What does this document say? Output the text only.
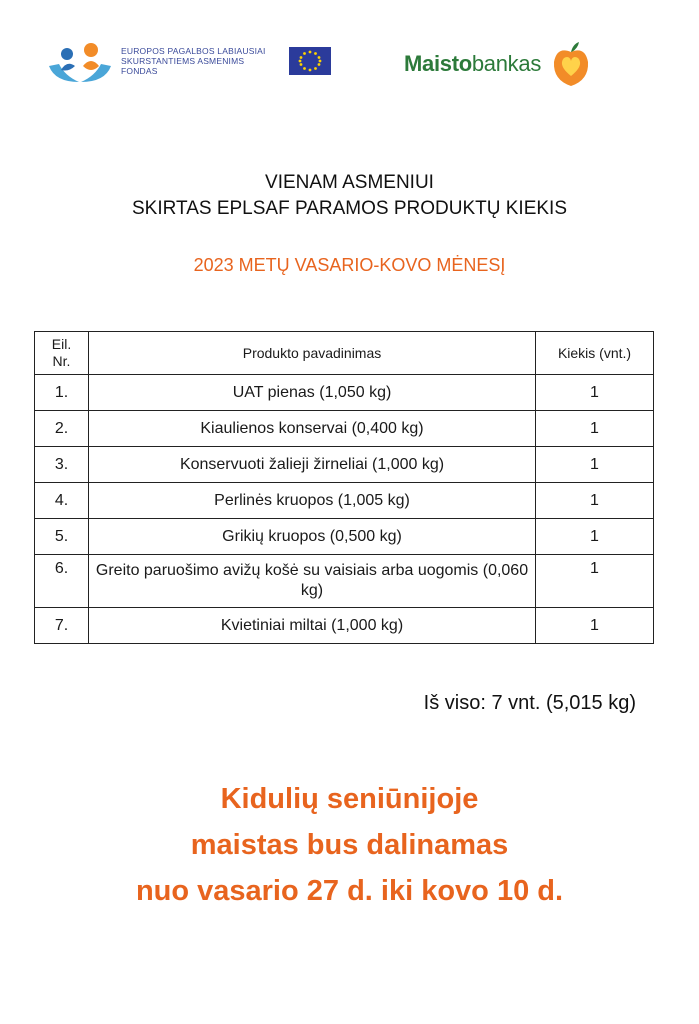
EUROPOS PAGALBOS LABIAUSIAI
SKURSTANTIEMS ASMENIMS
FONDAS	Maistobankas
VIENAM ASMENIUI
SKIRTAS EPLSAF PARAMOS PRODUKTŲ KIEKIS
2023 METŲ VASARIO-KOVO MĖNESĮ
Eil.
Nr.	Produkto pavadinimas	Kiekis (vnt.)
1.	UAT pienas (1,050 kg)	1
2.	Kiaulienos konservai (0,400 kg)	1
3.	Konservuoti žalieji žirneliai (1,000 kg)	1
4.	Perlinės kruopos (1,005 kg)	1
5.	Grikių kruopos (0,500 kg)	1
6.	Greito paruošimo avižų košė su vaisiais arba uogomis (0,060 kg)	1
7.	Kvietiniai miltai (1,000 kg)	1
Iš viso: 7 vnt. (5,015 kg)
Kidulių seniūnijoje
maistas bus dalinamas
nuo vasario 27 d. iki kovo 10 d.
